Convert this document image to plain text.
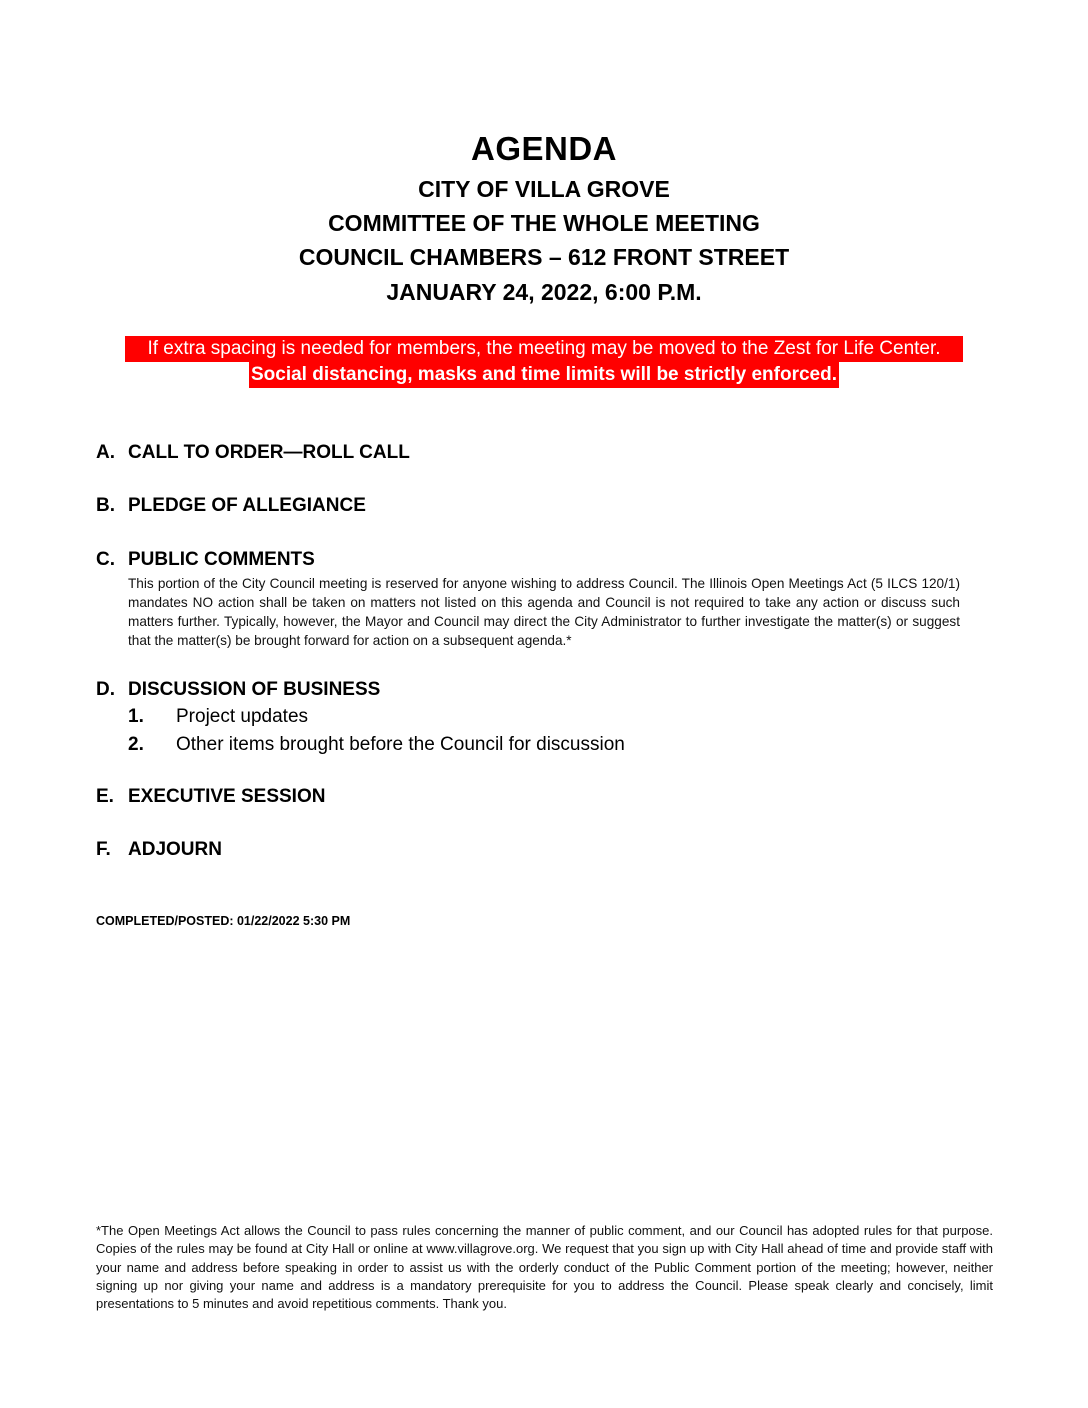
AGENDA
CITY OF VILLA GROVE
COMMITTEE OF THE WHOLE MEETING
COUNCIL CHAMBERS – 612 FRONT STREET
JANUARY 24, 2022, 6:00 P.M.
If extra spacing is needed for members, the meeting may be moved to the Zest for Life Center.
Social distancing, masks and time limits will be strictly enforced.
A. CALL TO ORDER—ROLL CALL
B. PLEDGE OF ALLEGIANCE
C. PUBLIC COMMENTS
This portion of the City Council meeting is reserved for anyone wishing to address Council. The Illinois Open Meetings Act (5 ILCS 120/1) mandates NO action shall be taken on matters not listed on this agenda and Council is not required to take any action or discuss such matters further. Typically, however, the Mayor and Council may direct the City Administrator to further investigate the matter(s) or suggest that the matter(s) be brought forward for action on a subsequent agenda.*
D. DISCUSSION OF BUSINESS
1. Project updates
2. Other items brought before the Council for discussion
E. EXECUTIVE SESSION
F. ADJOURN
COMPLETED/POSTED: 01/22/2022 5:30 PM
*The Open Meetings Act allows the Council to pass rules concerning the manner of public comment, and our Council has adopted rules for that purpose. Copies of the rules may be found at City Hall or online at www.villagrove.org. We request that you sign up with City Hall ahead of time and provide staff with your name and address before speaking in order to assist us with the orderly conduct of the Public Comment portion of the meeting; however, neither signing up nor giving your name and address is a mandatory prerequisite for you to address the Council. Please speak clearly and concisely, limit presentations to 5 minutes and avoid repetitious comments. Thank you.
